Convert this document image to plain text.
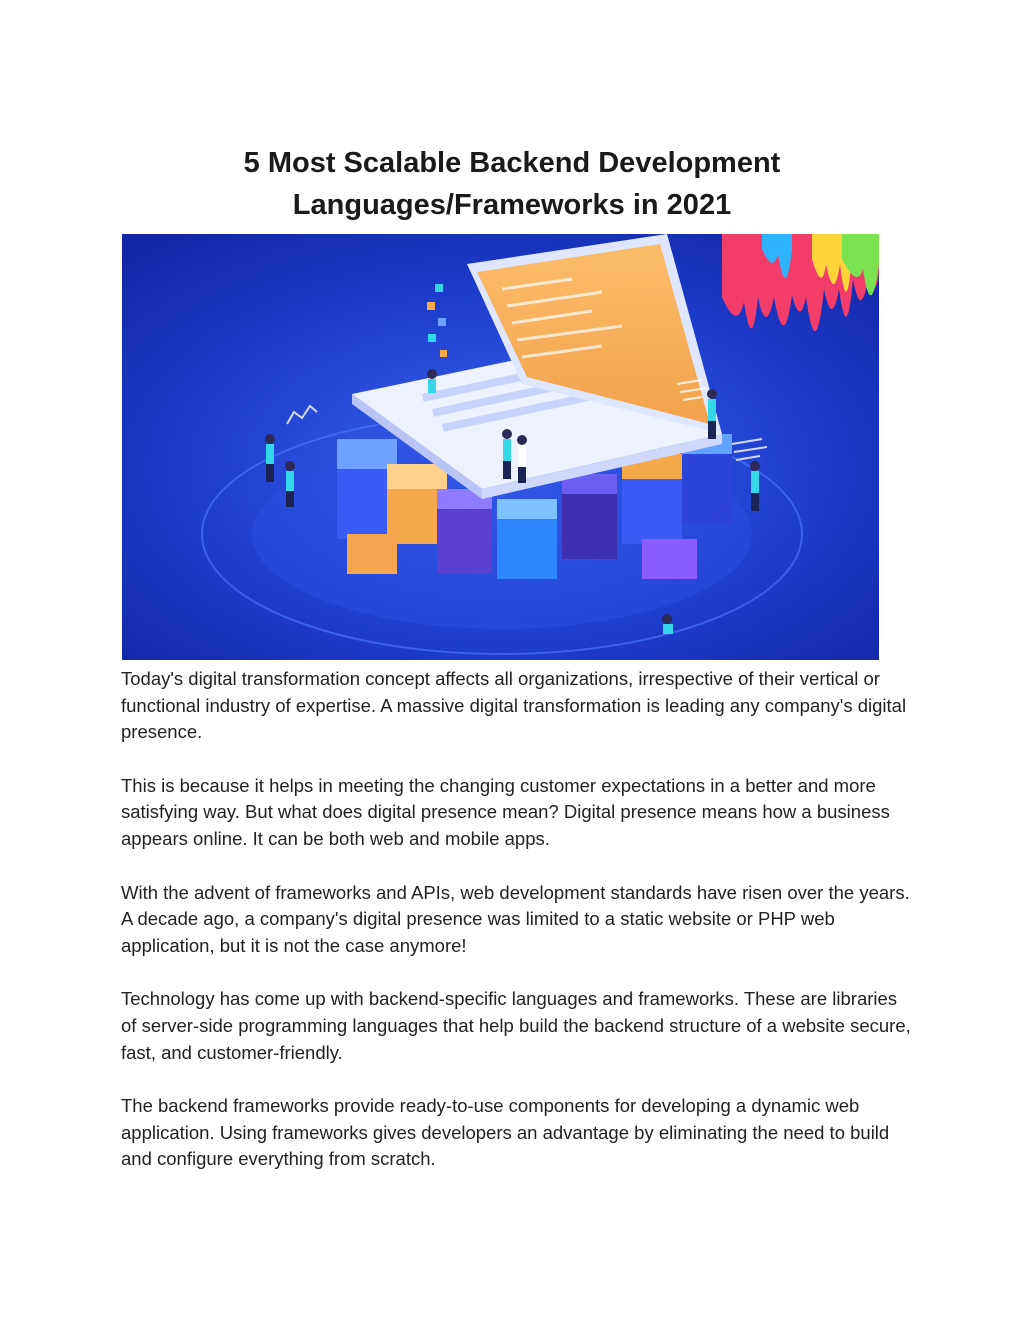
5 Most Scalable Backend Development
Languages/Frameworks in 2021

Today's digital transformation concept affects all organizations, irrespective of their vertical or functional industry of expertise. A massive digital transformation is leading any company's digital presence.

This is because it helps in meeting the changing customer expectations in a better and more satisfying way. But what does digital presence mean? Digital presence means how a business appears online. It can be both web and mobile apps.

With the advent of frameworks and APIs, web development standards have risen over the years. A decade ago, a company's digital presence was limited to a static website or PHP web application, but it is not the case anymore!

Technology has come up with backend-specific languages and frameworks. These are libraries of server-side programming languages that help build the backend structure of a website secure, fast, and customer-friendly.

The backend frameworks provide ready-to-use components for developing a dynamic web application. Using frameworks gives developers an advantage by eliminating the need to build and configure everything from scratch.
